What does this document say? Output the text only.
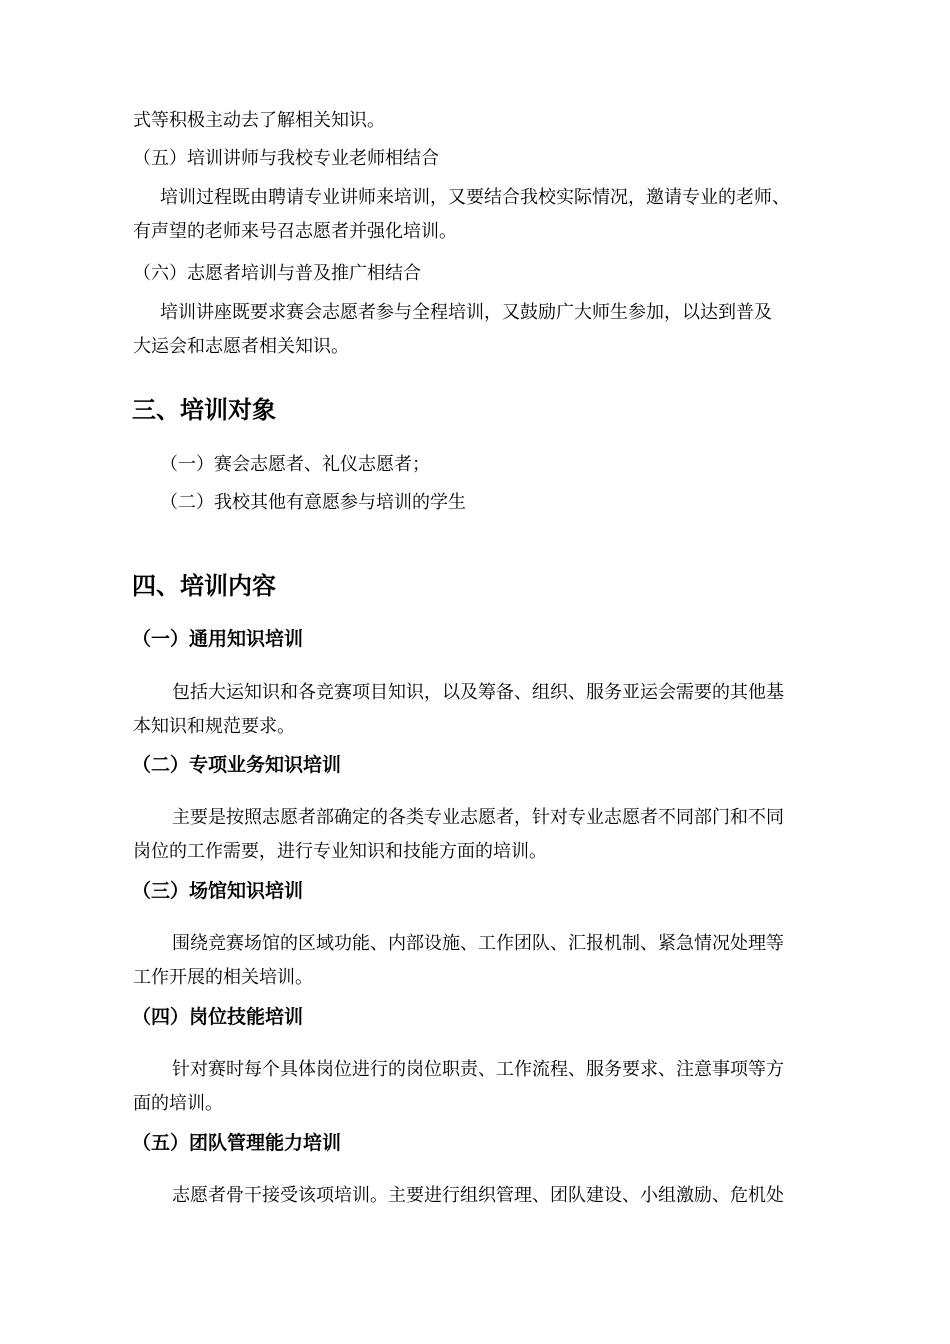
式等积极主动去了解相关知识。

（五）培训讲师与我校专业老师相结合

培训过程既由聘请专业讲师来培训，又要结合我校实际情况，邀请专业的老师、
有声望的老师来号召志愿者并强化培训。

（六）志愿者培训与普及推广相结合

培训讲座既要求赛会志愿者参与全程培训，又鼓励广大师生参加，以达到普及
大运会和志愿者相关知识。
三、培训对象

（一）赛会志愿者、礼仪志愿者；

（二）我校其他有意愿参与培训的学生

四、培训内容
（一）通用知识培训
包括大运知识和各竞赛项目知识，以及筹备、组织、服务亚运会需要的其他基
本知识和规范要求。
（二）专项业务知识培训
主要是按照志愿者部确定的各类专业志愿者，针对专业志愿者不同部门和不同
岗位的工作需要，进行专业知识和技能方面的培训。
（三）场馆知识培训
围绕竞赛场馆的区域功能、内部设施、工作团队、汇报机制、紧急情况处理等
工作开展的相关培训。
（四）岗位技能培训
针对赛时每个具体岗位进行的岗位职责、工作流程、服务要求、注意事项等方
面的培训。
（五）团队管理能力培训
志愿者骨干接受该项培训。主要进行组织管理、团队建设、小组激励、危机处
